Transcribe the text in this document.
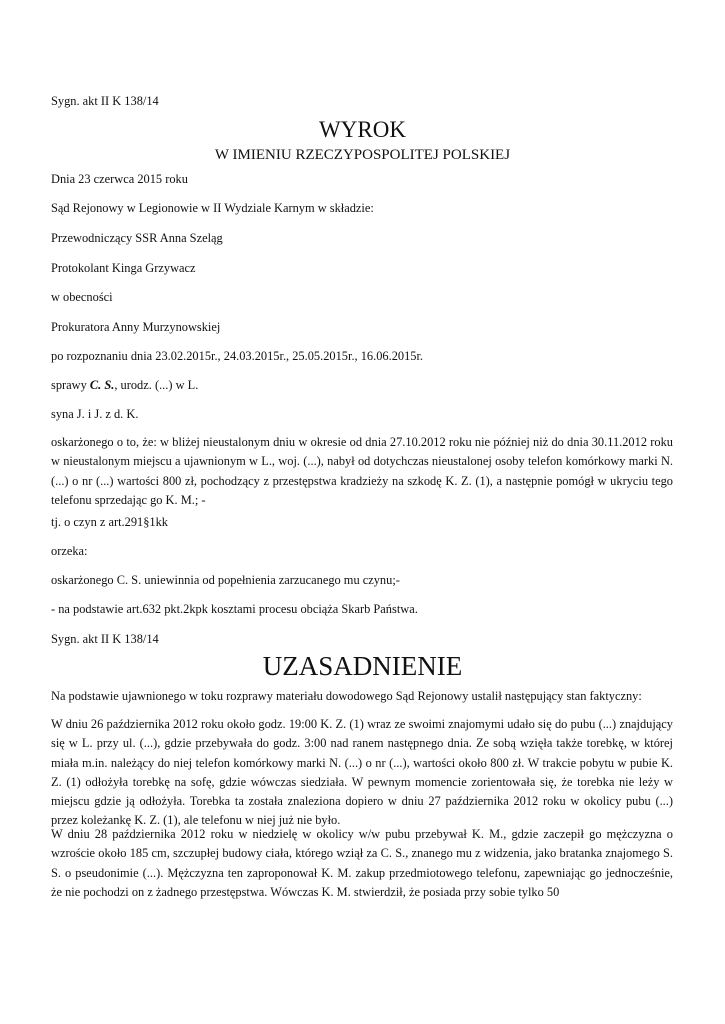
Sygn. akt II K 138/14

WYROK
W IMIENIU RZECZYPOSPOLITEJ POLSKIEJ

Dnia 23 czerwca 2015 roku

Sąd Rejonowy w Legionowie w II Wydziale Karnym w składzie:

Przewodniczący SSR Anna Szeląg

Protokolant Kinga Grzywacz

w obecności

Prokuratora Anny Murzynowskiej

po rozpoznaniu dnia 23.02.2015r., 24.03.2015r., 25.05.2015r., 16.06.2015r.

sprawy C. S., urodz. (...) w L.

syna J. i J. z d. K.

oskarżonego o to, że: w bliżej nieustalonym dniu w okresie od dnia 27.10.2012 roku nie później niż do dnia 30.11.2012 roku w nieustalonym miejscu a ujawnionym w L., woj. (...), nabył od dotychczas nieustalonej osoby telefon komórkowy marki N. (...) o nr (...) wartości 800 zł, pochodzący z przestępstwa kradzieży na szkodę K. Z. (1), a następnie pomógł w ukryciu tego telefonu sprzedając go K. M.; -

tj. o czyn z art.291§1kk

orzeka:

oskarżonego C. S. uniewinnia od popełnienia zarzucanego mu czynu;-

- na podstawie art.632 pkt.2kpk kosztami procesu obciąża Skarb Państwa.

Sygn. akt II K 138/14

UZASADNIENIE

Na podstawie ujawnionego w toku rozprawy materiału dowodowego Sąd Rejonowy ustalił następujący stan faktyczny:

W dniu 26 października 2012 roku około godz. 19:00 K. Z. (1) wraz ze swoimi znajomymi udało się do pubu (...) znajdujący się w L. przy ul. (...), gdzie przebywała do godz. 3:00 nad ranem następnego dnia. Ze sobą wzięła także torebkę, w której miała m.in. należący do niej telefon komórkowy marki N. (...) o nr (...), wartości około 800 zł. W trakcie pobytu w pubie K. Z. (1) odłożyła torebkę na sofę, gdzie wówczas siedziała. W pewnym momencie zorientowała się, że torebka nie leży w miejscu gdzie ją odłożyła. Torebka ta została znaleziona dopiero w dniu 27 października 2012 roku w okolicy pubu (...) przez koleżankę K. Z. (1), ale telefonu w niej już nie było.

W dniu 28 października 2012 roku w niedzielę w okolicy w/w pubu przebywał K. M., gdzie zaczepił go mężczyzna o wzroście około 185 cm, szczupłej budowy ciała, którego wziął za C. S., znanego mu z widzenia, jako bratanka znajomego S. S. o pseudonimie (...). Mężczyzna ten zaproponował K. M. zakup przedmiotowego telefonu, zapewniając go jednocześnie, że nie pochodzi on z żadnego przestępstwa. Wówczas K. M. stwierdził, że posiada przy sobie tylko 50
